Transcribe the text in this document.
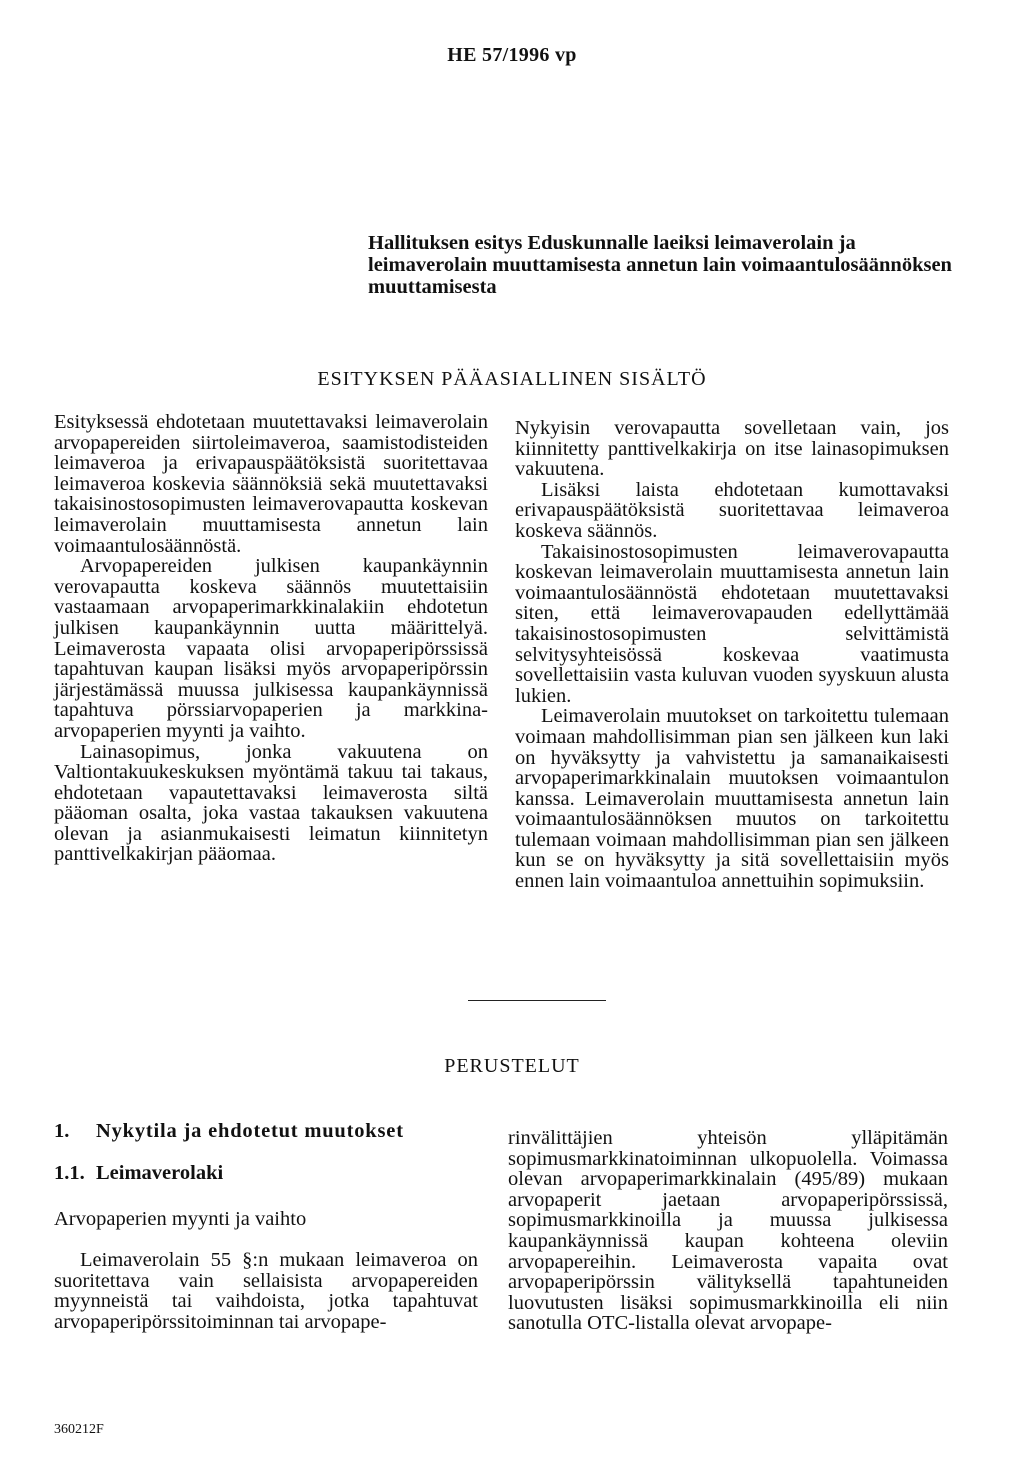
HE 57/1996 vp
Hallituksen esitys Eduskunnalle laeiksi leimaverolain ja leimaverolain muuttamisesta annetun lain voimaantulosäännöksen muuttamisesta
ESITYKSEN PÄÄASIALLINEN SISÄLTÖ

Esityksessä ehdotetaan muutettavaksi leimaverolain arvopapereiden siirtoleimaveroa, saamistodisteiden leimaveroa ja erivapauspäätöksistä suoritettavaa leimaveroa koskevia säännöksiä sekä muutettavaksi takaisinostosopimusten leimaverovapautta koskevan leimaverolain muuttamisesta annetun lain voimaantulosäännöstä.

Arvopapereiden julkisen kaupankäynnin verovapautta koskeva säännös muutettaisiin vastaamaan arvopaperimarkkinalakiin ehdotetun julkisen kaupankäynnin uutta määrittelyä. Leimaverosta vapaata olisi arvopaperipörssissä tapahtuvan kaupan lisäksi myös arvopaperipörssin järjestämässä muussa julkisessa kaupankäynnissä tapahtuva pörssiarvopaperien ja markkina-arvopaperien myynti ja vaihto.

Lainasopimus, jonka vakuutena on Valtiontakuukeskuksen myöntämä takuu tai takaus, ehdotetaan vapautettavaksi leimaverosta siltä pääoman osalta, joka vastaa takauksen vakuutena olevan ja asianmukaisesti leimatun kiinnitetyn panttivelkakirjan pääomaa.

Nykyisin verovapautta sovelletaan vain, jos kiinnitetty panttivelkakirja on itse lainasopimuksen vakuutena.

Lisäksi laista ehdotetaan kumottavaksi erivapauspäätöksistä suoritettavaa leimaveroa koskeva säännös.

Takaisinostosopimusten leimaverovapautta koskevan leimaverolain muuttamisesta annetun lain voimaantulosäännöstä ehdotetaan muutettavaksi siten, että leimaverovapauden edellyttämää takaisinostosopimusten selvittämistä selvitysyhteisössä koskevaa vaatimusta sovellettaisiin vasta kuluvan vuoden syyskuun alusta lukien.

Leimaverolain muutokset on tarkoitettu tulemaan voimaan mahdollisimman pian sen jälkeen kun laki on hyväksytty ja vahvistettu ja samanaikaisesti arvopaperimarkkinalain muutoksen voimaantulon kanssa. Leimaverolain muuttamisesta annetun lain voimaantulosäännöksen muutos on tarkoitettu tulemaan voimaan mahdollisimman pian sen jälkeen kun se on hyväksytty ja sitä sovellettaisiin myös ennen lain voimaantuloa annettuihin sopimuksiin.

PERUSTELUT
1. Nykytila ja ehdotetut muutokset
1.1. Leimaverolaki
Arvopaperien myynti ja vaihto

Leimaverolain 55 §:n mukaan leimaveroa on suoritettava vain sellaisista arvopapereiden myynneistä tai vaihdoista, jotka tapahtuvat arvopaperipörssitoiminnan tai arvopape-

rinvälittäjien yhteisön ylläpitämän sopimusmarkkinatoiminnan ulkopuolella. Voimassa olevan arvopaperimarkkinalain (495/89) mukaan arvopaperit jaetaan arvopaperipörssissä, sopimusmarkkinoilla ja muussa julkisessa kaupankäynnissä kaupan kohteena oleviin arvopapereihin. Leimaverosta vapaita ovat arvopaperipörssin välityksellä tapahtuneiden luovutusten lisäksi sopimusmarkkinoilla eli niin sanotulla OTC-listalla olevat arvopape-

360212F
